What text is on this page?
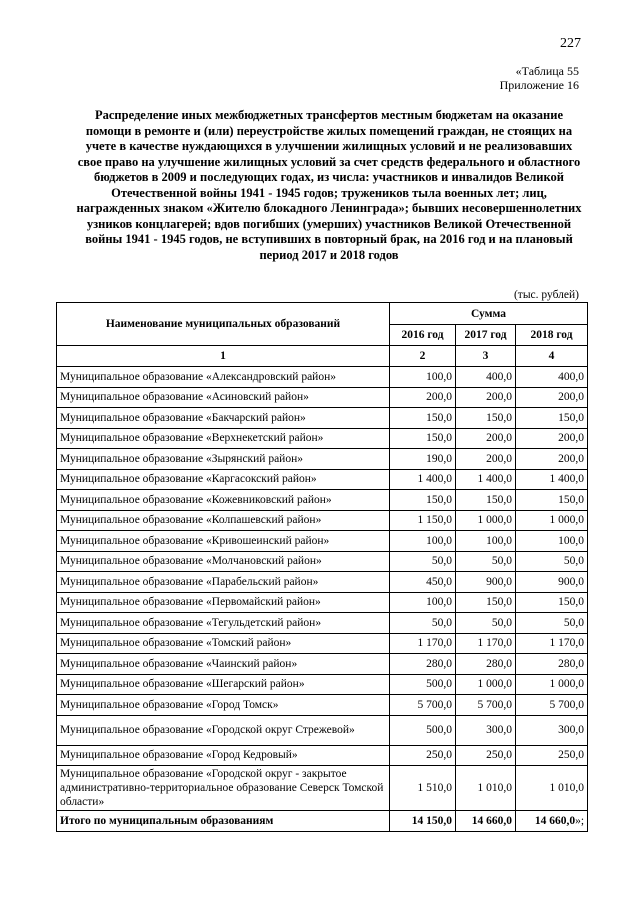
227
«Таблица 55
Приложение 16
Распределение иных межбюджетных трансфертов местным бюджетам на оказание помощи в ремонте и (или) переустройстве жилых помещений граждан, не стоящих на учете в качестве нуждающихся в улучшении жилищных условий и не реализовавших свое право на улучшение жилищных условий за счет средств федерального и областного бюджетов в 2009 и последующих годах, из числа: участников и инвалидов Великой Отечественной войны 1941 - 1945 годов; тружеников тыла военных лет; лиц, награжденных знаком «Жителю блокадного Ленинграда»; бывших несовершеннолетних узников концлагерей; вдов погибших (умерших) участников Великой Отечественной войны 1941 - 1945 годов, не вступивших в повторный брак, на 2016 год и на плановый период 2017 и 2018 годов
(тыс. рублей)
Наименование муниципальных образований	Сумма		
	2016 год	2017 год	2018 год
1	2	3	4
Муниципальное образование «Александровский район»	100,0	400,0	400,0
Муниципальное образование «Асиновский район»	200,0	200,0	200,0
Муниципальное образование «Бакчарский район»	150,0	150,0	150,0
Муниципальное образование «Верхнекетский район»	150,0	200,0	200,0
Муниципальное образование «Зырянский район»	190,0	200,0	200,0
Муниципальное образование «Каргасокский район»	1 400,0	1 400,0	1 400,0
Муниципальное образование «Кожевниковский район»	150,0	150,0	150,0
Муниципальное образование «Колпашевский район»	1 150,0	1 000,0	1 000,0
Муниципальное образование «Кривошеинский район»	100,0	100,0	100,0
Муниципальное образование «Молчановский район»	50,0	50,0	50,0
Муниципальное образование «Парабельский район»	450,0	900,0	900,0
Муниципальное образование «Первомайский район»	100,0	150,0	150,0
Муниципальное образование «Тегульдетский район»	50,0	50,0	50,0
Муниципальное образование «Томский район»	1 170,0	1 170,0	1 170,0
Муниципальное образование «Чаинский район»	280,0	280,0	280,0
Муниципальное образование «Шегарский район»	500,0	1 000,0	1 000,0
Муниципальное образование «Город Томск»	5 700,0	5 700,0	5 700,0
Муниципальное образование «Городской округ Стрежевой»	500,0	300,0	300,0
Муниципальное образование «Город Кедровый»	250,0	250,0	250,0
Муниципальное образование «Городской округ - закрытое административно-территориальное образование Северск Томской области»	1 510,0	1 010,0	1 010,0
Итого по муниципальным образованиям	14 150,0	14 660,0	14 660,0»;
